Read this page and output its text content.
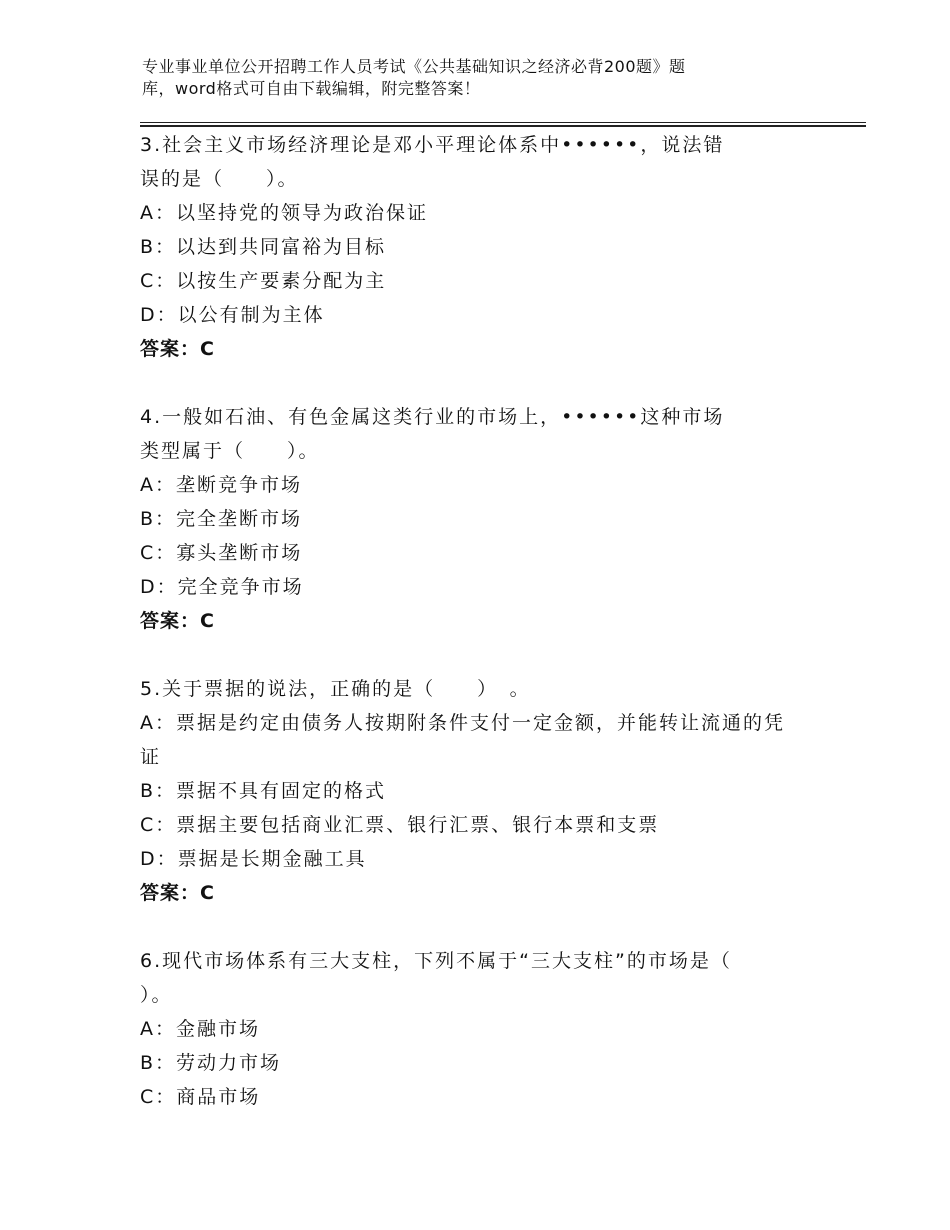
专业事业单位公开招聘工作人员考试《公共基础知识之经济必背200题》题
库，word格式可自由下载编辑，附完整答案！
3.社会主义市场经济理论是邓小平理论体系中••••••，说法错
误的是（　　）。
A：以坚持党的领导为政治保证
B：以达到共同富裕为目标
C：以按生产要素分配为主
D：以公有制为主体
答案：C
4.一般如石油、有色金属这类行业的市场上，••••••这种市场
类型属于（　　）。
A：垄断竞争市场
B：完全垄断市场
C：寡头垄断市场
D：完全竞争市场
答案：C
5.关于票据的说法，正确的是（　　）　。
A：票据是约定由债务人按期附条件支付一定金额，并能转让流通的凭
证
B：票据不具有固定的格式
C：票据主要包括商业汇票、银行汇票、银行本票和支票
D：票据是长期金融工具
答案：C
6.现代市场体系有三大支柱，下列不属于“三大支柱”的市场是（
）。
A：金融市场
B：劳动力市场
C：商品市场
